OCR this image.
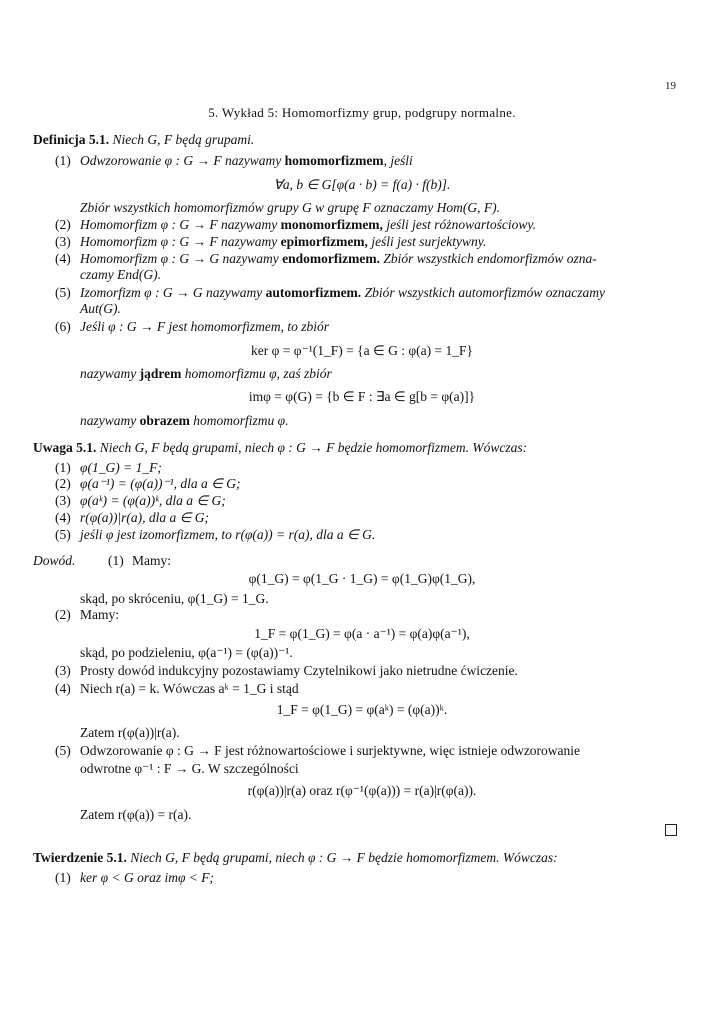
19
5. Wykład 5: Homomorfizmy grup, podgrupy normalne.
Definicja 5.1. Niech G, F będą grupami.
(1) Odwzorowanie φ : G → F nazywamy homomorfizmem, jeśli
∀a, b ∈ G[φ(a · b) = f(a) · f(b)].
Zbiór wszystkich homomorfizmów grupy G w grupę F oznaczamy Hom(G, F).
(2) Homomorfizm φ : G → F nazywamy monomorfizmem, jeśli jest różnowartościowy.
(3) Homomorfizm φ : G → F nazywamy epimorfizmem, jeśli jest surjektywny.
(4) Homomorfizm φ : G → G nazywamy endomorfizmem. Zbiór wszystkich endomorfizmów ozna-
czamy End(G).
(5) Izomorfizm φ : G → G nazywamy automorfizmem. Zbiór wszystkich automorfizmów oznaczamy
Aut(G).
(6) Jeśli φ : G → F jest homomorfizmem, to zbiór
ker φ = φ⁻¹(1_F) = {a ∈ G : φ(a) = 1_F}
nazywamy jądrem homomorfizmu φ, zaś zbiór
imφ = φ(G) = {b ∈ F : ∃a ∈ g[b = φ(a)]}
nazywamy obrazem homomorfizmu φ.
Uwaga 5.1. Niech G, F będą grupami, niech φ : G → F będzie homomorfizmem. Wówczas:
(1) φ(1_G) = 1_F;
(2) φ(a⁻¹) = (φ(a))⁻¹, dla a ∈ G;
(3) φ(aᵏ) = (φ(a))ᵏ, dla a ∈ G;
(4) r(φ(a))|r(a), dla a ∈ G;
(5) jeśli φ jest izomorfizmem, to r(φ(a)) = r(a), dla a ∈ G.
Dowód. (1) Mamy:
φ(1_G) = φ(1_G · 1_G) = φ(1_G)φ(1_G),
skąd, po skróceniu, φ(1_G) = 1_G.
(2) Mamy:
1_F = φ(1_G) = φ(a · a⁻¹) = φ(a)φ(a⁻¹),
skąd, po podzieleniu, φ(a⁻¹) = (φ(a))⁻¹.
(3) Prosty dowód indukcyjny pozostawiamy Czytelnikowi jako nietrudne ćwiczenie.
(4) Niech r(a) = k. Wówczas aᵏ = 1_G i stąd
1_F = φ(1_G) = φ(aᵏ) = (φ(a))ᵏ.
Zatem r(φ(a))|r(a).
(5) Odwzorowanie φ : G → F jest różnowartościowe i surjektywne, więc istnieje odwzorowanie
odwrotne φ⁻¹ : F → G. W szczególności
r(φ(a))|r(a) oraz r(φ⁻¹(φ(a))) = r(a)|r(φ(a)).
Zatem r(φ(a)) = r(a).
Twierdzenie 5.1. Niech G, F będą grupami, niech φ : G → F będzie homomorfizmem. Wówczas:
(1) ker φ < G oraz imφ < F;
